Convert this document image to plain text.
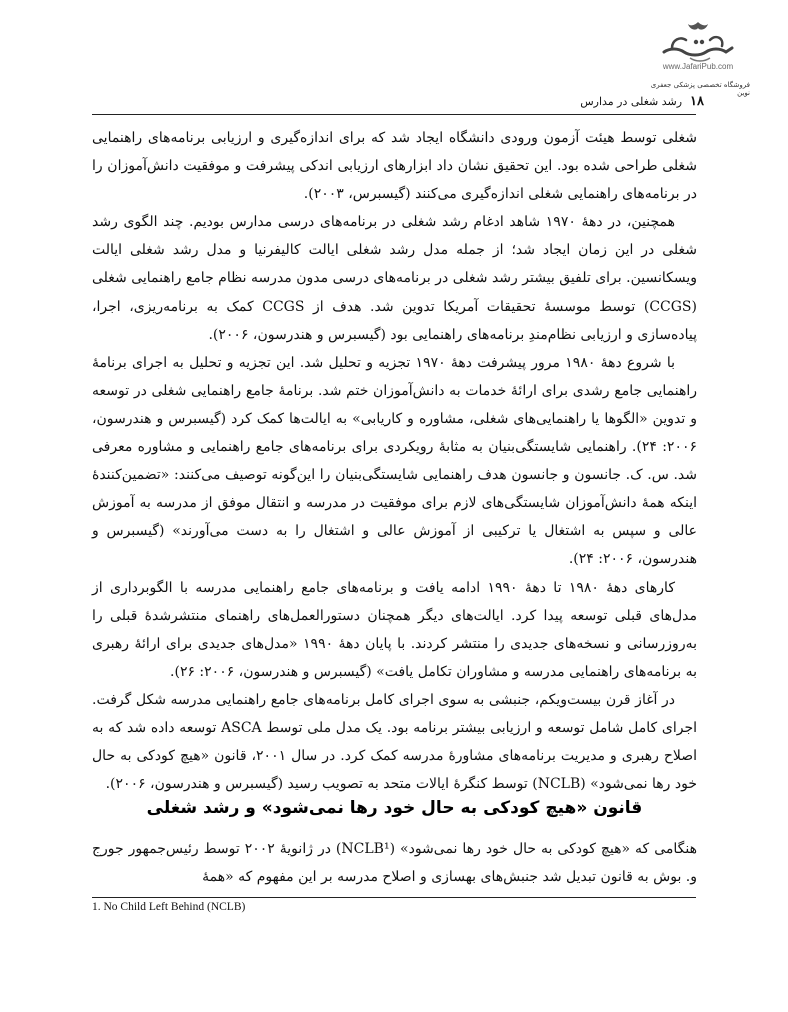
www.JafariPub.com
فروشگاه تخصصی پزشکی جعفری نوین
۱۸رشد شغلی در مدارس

شغلی توسط هیئت آزمون ورودی دانشگاه ایجاد شد که برای اندازه‌گیری و ارزیابی برنامه‌های راهنمایی شغلی طراحی شده بود. این تحقیق نشان داد ابزارهای ارزیابی اندکی پیشرفت و موفقیت دانش‌آموزان را در برنامه‌های راهنمایی شغلی اندازه‌گیری می‌کنند (گیسبرس، ۲۰۰۳).

همچنین، در دهۀ ۱۹۷۰ شاهد ادغام رشد شغلی در برنامه‌های درسی مدارس بودیم. چند الگوی رشد شغلی در این زمان ایجاد شد؛ از جمله مدل رشد شغلی ایالت کالیفرنیا و مدل رشد شغلی ایالت ویسکانسین. برای تلفیق بیشتر رشد شغلی در برنامه‌های درسی مدون مدرسه نظام جامع راهنمایی شغلی (CCGS) توسط موسسۀ تحقیقات آمریکا تدوین شد. هدف از CCGS کمک به برنامه‌ریزی، اجرا، پیاده‌سازی و ارزیابی نظام‌مندِ برنامه‌های راهنمایی بود (گیسبرس و هندرسون، ۲۰۰۶).

با شروع دهۀ ۱۹۸۰ مرور پیشرفت دهۀ ۱۹۷۰ تجزیه و تحلیل شد. این تجزیه و تحلیل به اجرای برنامۀ راهنمایی جامع رشدی برای ارائۀ خدمات به دانش‌آموزان ختم شد. برنامۀ جامع راهنمایی شغلی در توسعه و تدوین «الگوها یا راهنمایی‌های شغلی، مشاوره و کاریابی» به ایالت‌ها کمک کرد (گیسبرس و هندرسون، ۲۰۰۶: ۲۴). راهنمایی شایستگی‌بنیان به مثابۀ رویکردی برای برنامه‌های جامع راهنمایی و مشاوره معرفی شد. س. ک. جانسون و جانسون هدف راهنمایی شایستگی‌بنیان را این‌گونه توصیف می‌کنند: «تضمین‌کنندۀ اینکه همۀ دانش‌آموزان شایستگی‌های لازم برای موفقیت در مدرسه و انتقال موفق از مدرسه به آموزش عالی و سپس به اشتغال یا ترکیبی از آموزش عالی و اشتغال را به دست می‌آورند» (گیسبرس و هندرسون، ۲۰۰۶: ۲۴).

کارهای دهۀ ۱۹۸۰ تا دهۀ ۱۹۹۰ ادامه یافت و برنامه‌های جامع راهنمایی مدرسه با الگوبرداری از مدل‌های قبلی توسعه پیدا کرد. ایالت‌های دیگر همچنان دستورالعمل‌های راهنمای منتشرشدۀ قبلی را به‌روزرسانی و نسخه‌های جدیدی را منتشر کردند. با پایان دهۀ ۱۹۹۰ «مدل‌های جدیدی برای ارائۀ رهبری به برنامه‌های راهنمایی مدرسه و مشاوران تکامل یافت» (گیسبرس و هندرسون، ۲۰۰۶: ۲۶).

در آغاز قرن بیست‌ویکم، جنبشی به سوی اجرای کامل برنامه‌های جامع راهنمایی مدرسه شکل گرفت. اجرای کامل شامل توسعه و ارزیابی بیشتر برنامه بود. یک مدل ملی توسط ASCA توسعه داده شد که به اصلاح رهبری و مدیریت برنامه‌های مشاورۀ مدرسه کمک کرد. در سال ۲۰۰۱، قانون «هیچ کودکی به حال خود رها نمی‌شود» (NCLB) توسط کنگرۀ ایالات متحد به تصویب رسید (گیسبرس و هندرسون، ۲۰۰۶).

قانون «هیچ کودکی به حال خود رها نمی‌شود» و رشد شغلی

هنگامی که «هیچ کودکی به حال خود رها نمی‌شود» (NCLB¹) در ژانویۀ ۲۰۰۲ توسط رئیس‌جمهور جورج و. بوش به قانون تبدیل شد جنبش‌های بهسازی و اصلاح مدرسه بر این مفهوم که «همۀ

1. No Child Left Behind (NCLB)
